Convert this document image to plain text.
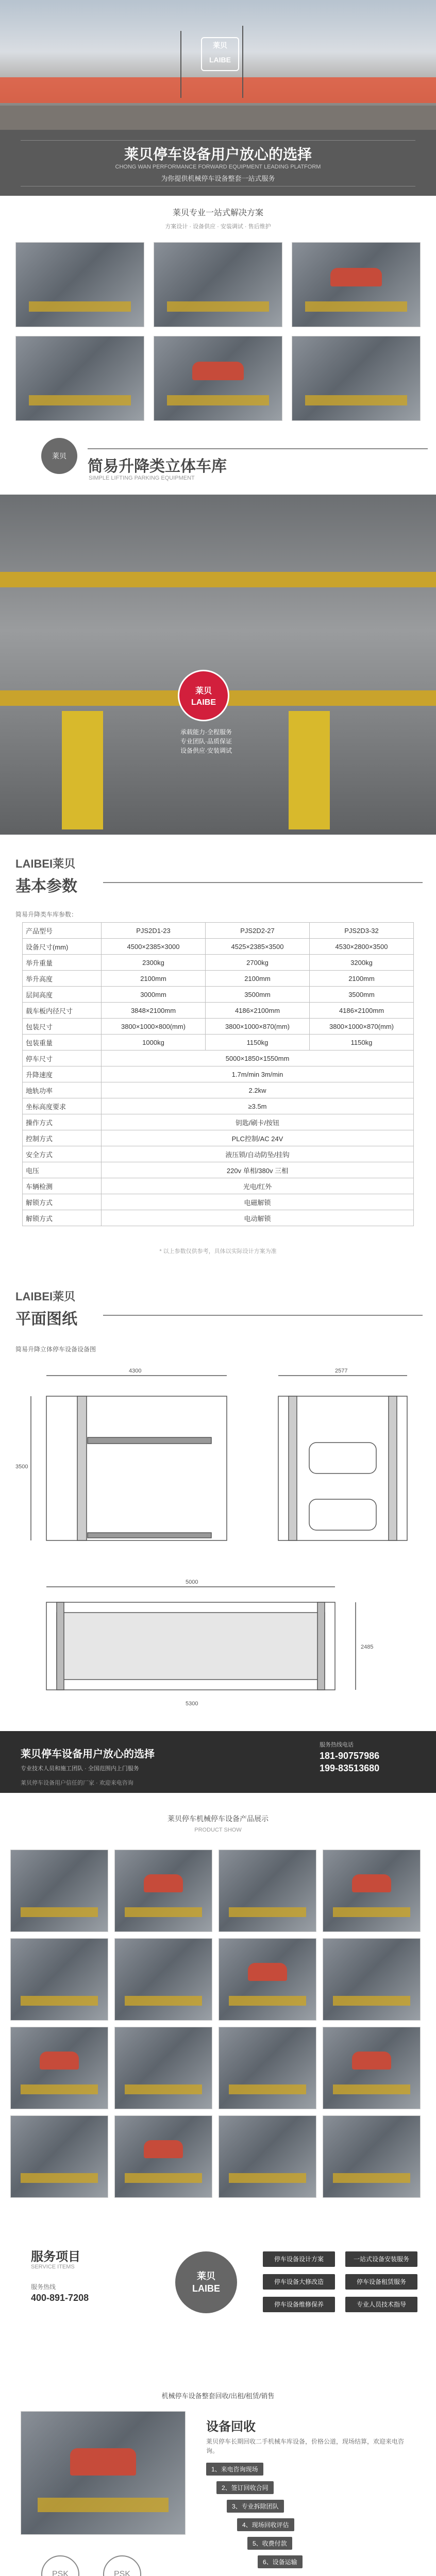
莱贝
LAIBE
莱贝停车设备用户放心的选择
CHONG WAN PERFORMANCE FORWARD EQUIPMENT LEADING PLATFORM
为你提供机械停车设备整套一站式服务
莱贝专业一站式解决方案
方案设计 · 设备供应 · 安装调试 · 售后维护
莱贝
简易升降类立体车库
SIMPLE LIFTING PARKING EQUIPMENT
莱贝
LAIBE
承载能力·全程服务
专业团队·品质保证
设备供应·安装调试
LAIBEI莱贝
基本参数
简易升降类车库参数：
产品型号	PJS2D1-23	PJS2D2-27	PJS2D3-32
设备尺寸(mm)	4500×2385×3000	4525×2385×3500	4530×2800×3500
举升重量	2300kg	2700kg	3200kg
举升高度	2100mm	2100mm	2100mm
层间高度	3000mm	3500mm	3500mm
载车板内径尺寸	3848×2100mm	4186×2100mm	4186×2100mm
包装尺寸	3800×1000×800(mm)	3800×1000×870(mm)	3800×1000×870(mm)
包装重量	1000kg	1150kg	1150kg
停车尺寸	5000×1850×1550mm		
升降速度	1.7m/min 3m/min		
地轨功率	2.2kw		
坐标高度要求	≥3.5m		
操作方式	钥匙/刷卡/按钮		
控制方式	PLC控制/AC 24V		
安全方式	液压锁/自动防坠/挂钩		
电压	220v 单相/380v 三相		
车辆检测	光电/红外		
解锁方式	电磁解锁		
解锁方式	电动解锁		
* 以上参数仅供参考，具体以实际设计方案为准
LAIBEI莱贝
平面图纸
简易升降立体停车设备设备图
4300
3500
2577
5000
2485
5300
莱贝停车设备用户放心的选择
专业技术人员和施工团队 · 全国范围内上门服务
服务热线电话
181-90757986
199-83513680
莱贝停车设备用户信任的厂家 · 欢迎来电咨询
莱贝停车机械停车设备产品展示
PRODUCT SHOW
服务项目
SERVICE ITEMS
服务热线
400-891-7208
莱贝
LAIBE
停车设备设计方案	一站式设备安装服务
停车设备大修改造	停车设备租赁服务
停车设备维修保养	专业人员技术指导
机械停车设备整套回收/出租/租赁/销售
设备回收
莱贝停车长期回收二手机械车库设备，价格公道，现场结算，欢迎来电咨询。
1、来电咨询现场
2、签订回收合同
3、专业拆除团队
4、现场回收评估
5、收费付款
6、设备运输
PSK	PSK
